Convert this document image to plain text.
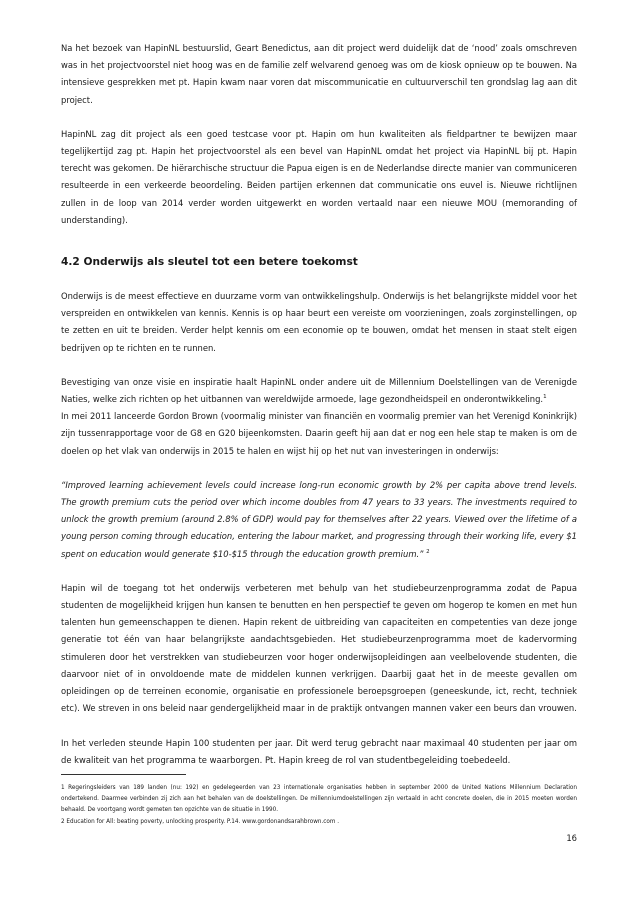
Na het bezoek van HapinNL bestuurslid, Geart Benedictus, aan dit project werd duidelijk dat de ‘nood’ zoals omschreven was in het projectvoorstel niet hoog was en de familie zelf welvarend genoeg was om de kiosk opnieuw op te bouwen. Na intensieve gesprekken met pt. Hapin kwam naar voren dat miscommunicatie en cultuurverschil ten grondslag lag aan dit project.

HapinNL zag dit project als een goed testcase voor pt. Hapin om hun kwaliteiten als fieldpartner te bewijzen maar tegelijkertijd zag pt. Hapin het projectvoorstel als een bevel van HapinNL omdat het project via HapinNL bij pt. Hapin terecht was gekomen. De hiërarchische structuur die Papua eigen is en de Nederlandse directe manier van communiceren resulteerde in een verkeerde beoordeling. Beiden partijen erkennen dat communicatie ons euvel is. Nieuwe richtlijnen zullen in de loop van 2014 verder worden uitgewerkt en worden vertaald naar een nieuwe MOU (memoranding of understanding).

4.2 Onderwijs als sleutel tot een betere toekomst

Onderwijs is de meest effectieve en duurzame vorm van ontwikkelingshulp. Onderwijs is het belangrijkste middel voor het verspreiden en ontwikkelen van kennis. Kennis is op haar beurt een vereiste om voorzieningen, zoals zorginstellingen, op te zetten en uit te breiden. Verder helpt kennis om een economie op te bouwen, omdat het mensen in staat stelt eigen bedrijven op te richten en te runnen.

Bevestiging van onze visie en inspiratie haalt HapinNL onder andere uit de Millennium Doelstellingen van de Verenigde Naties, welke zich richten op het uitbannen van wereldwijde armoede, lage gezondheidspeil en onderontwikkeling.$^1$

In mei 2011 lanceerde Gordon Brown (voormalig minister van financiën en voormalig premier van het Verenigd Koninkrijk) zijn tussenrapportage voor de G8 en G20 bijeenkomsten. Daarin geeft hij aan dat er nog een hele stap te maken is om de doelen op het vlak van onderwijs in 2015 te halen en wijst hij op het nut van investeringen in onderwijs:

“Improved learning achievement levels could increase long-run economic growth by 2% per capita above trend levels. The growth premium cuts the period over which income doubles from 47 years to 33 years. The investments required to unlock the growth premium (around 2.8% of GDP) would pay for themselves after 22 years. Viewed over the lifetime of a young person coming through education, entering the labour market, and progressing through their working life, every $1 spent on education would generate $10-$15 through the education growth premium.” $^2$

Hapin wil de toegang tot het onderwijs verbeteren met behulp van het studiebeurzenprogramma zodat de Papua studenten de mogelijkheid krijgen hun kansen te benutten en hen perspectief te geven om hogerop te komen en met hun talenten hun gemeenschappen te dienen. Hapin rekent de uitbreiding van capaciteiten en competenties van deze jonge generatie tot één van haar belangrijkste aandachtsgebieden. Het studiebeurzenprogramma moet de kadervorming stimuleren door het verstrekken van studiebeurzen voor hoger onderwijsopleidingen aan veelbelovende studenten, die daarvoor niet of in onvoldoende mate de middelen kunnen verkrijgen. Daarbij gaat het in de meeste gevallen om opleidingen op de terreinen economie, organisatie en professionele beroepsgroepen (geneeskunde, ict, recht, techniek etc). We streven in ons beleid naar gendergelijkheid maar in de praktijk ontvangen mannen vaker een beurs dan vrouwen.

In het verleden steunde Hapin 100 studenten per jaar. Dit werd terug gebracht naar maximaal 40 studenten per jaar om de kwaliteit van het programma te waarborgen. Pt. Hapin kreeg de rol van studentbegeleiding toebedeeld.

1 Regeringsleiders van 189 landen (nu: 192) en gedelegeerden van 23 internationale organisaties hebben in september 2000 de United Nations Millennium Declaration ondertekend. Daarmee verbinden zij zich aan het behalen van de doelstellingen. De millenniumdoelstellingen zijn vertaald in acht concrete doelen, die in 2015 moeten worden behaald. De voortgang wordt gemeten ten opzichte van de situatie in 1990.

2 Education for All: beating poverty, unlocking prosperity. P.14. www.gordonandsarahbrown.com .

16
